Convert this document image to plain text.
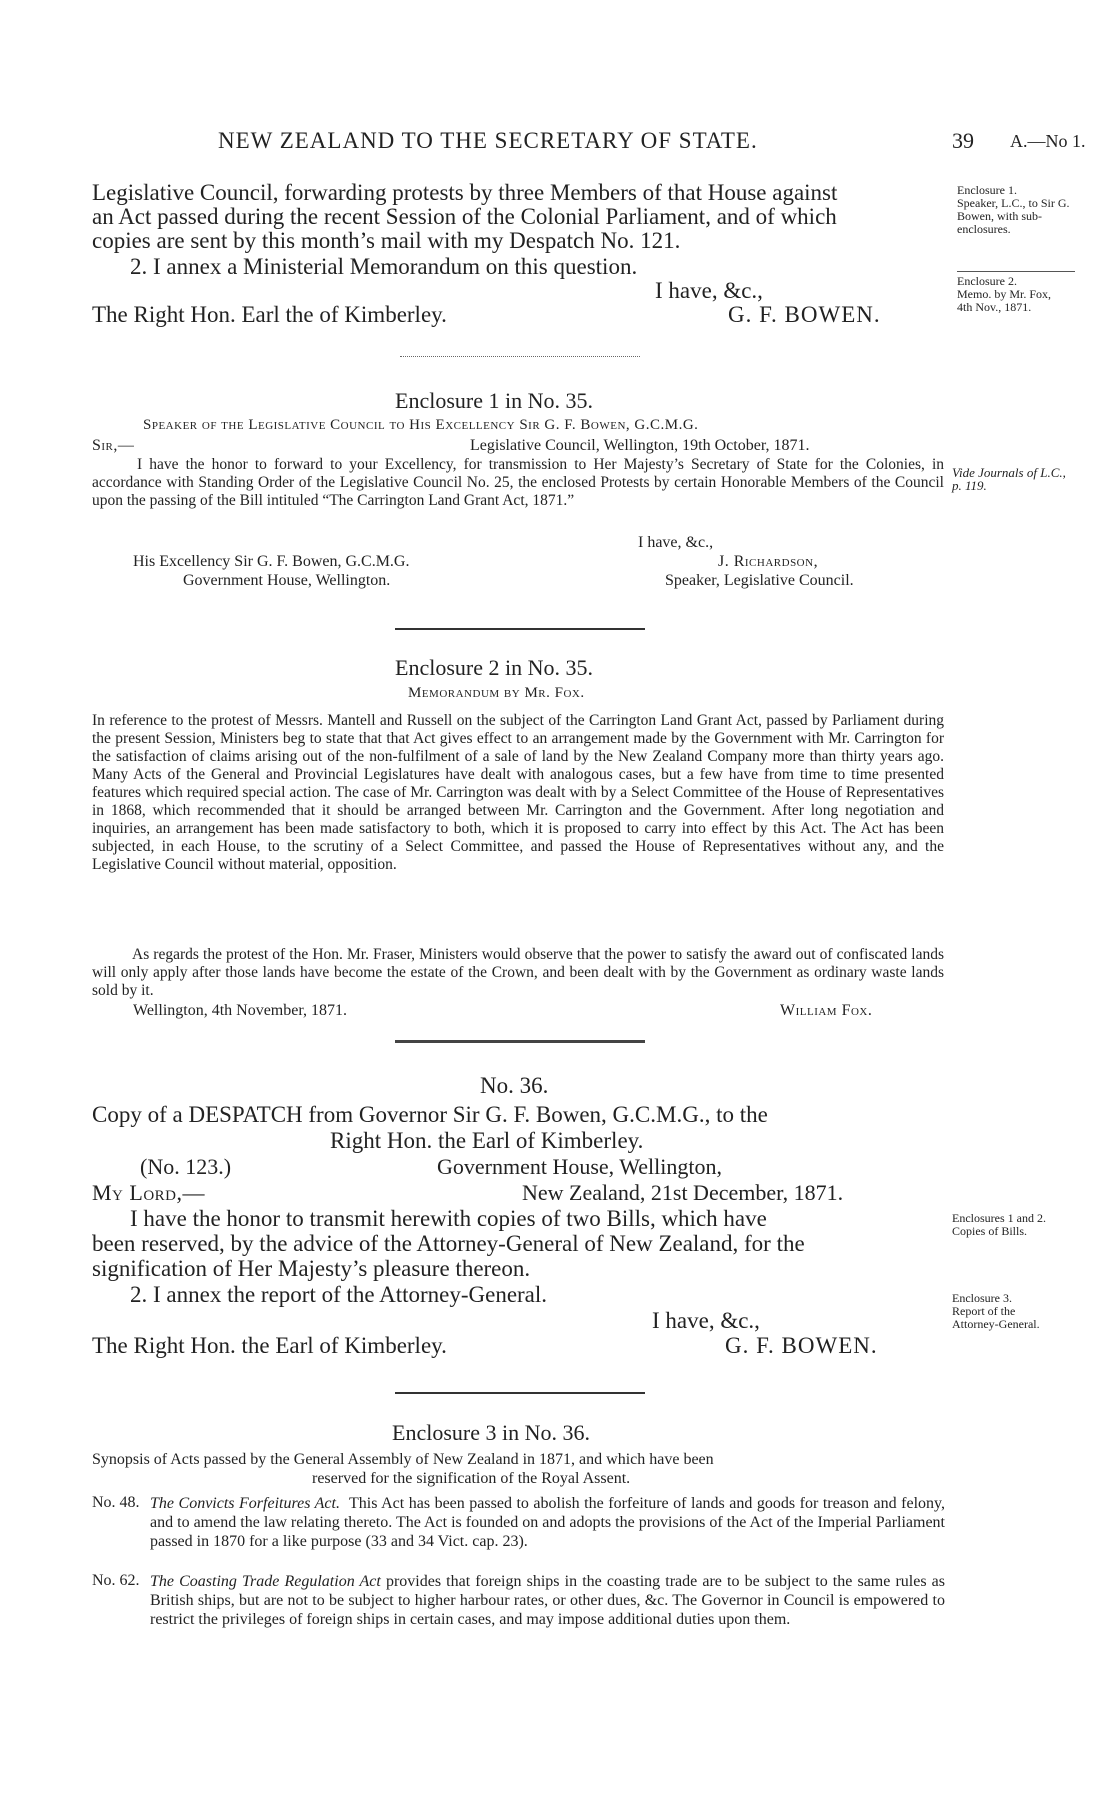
NEW ZEALAND TO THE SECRETARY OF STATE.	39 A.—No 1.
Legislative Council, forwarding protests by three Members of that House against
an Act passed during the recent Session of the Colonial Parliament, and of which
copies are sent by this month’s mail with my Despatch No. 121.
2. I annex a Ministerial Memorandum on this question.
I have, &c.,
The Right Hon. Earl the of Kimberley.	G. F. BOWEN.
Enclosure 1.
Speaker, L.C., to Sir G. Bowen, with sub-enclosures.
Enclosure 2.
Memo. by Mr. Fox, 4th Nov., 1871.
Enclosure 1 in No. 35.
Speaker of the Legislative Council to His Excellency Sir G. F. Bowen, G.C.M.G.
Sir,—	Legislative Council, Wellington, 19th October, 1871.
I have the honor to forward to your Excellency, for transmission to Her Majesty’s Secretary of State for the Colonies, in accordance with Standing Order of the Legislative Council No. 25, the enclosed Protests by certain Honorable Members of the Council upon the passing of the Bill intituled “The Carrington Land Grant Act, 1871.”
I have, &c.,
His Excellency Sir G. F. Bowen, G.C.M.G.
Government House, Wellington.
J. Richardson,
Speaker, Legislative Council.
Vide Journals of L.C., p. 119.
Enclosure 2 in No. 35.
Memorandum by Mr. Fox.
In reference to the protest of Messrs. Mantell and Russell on the subject of the Carrington Land Grant Act, passed by Parliament during the present Session, Ministers beg to state that that Act gives effect to an arrangement made by the Government with Mr. Carrington for the satisfaction of claims arising out of the non-fulfilment of a sale of land by the New Zealand Company more than thirty years ago. Many Acts of the General and Provincial Legislatures have dealt with analogous cases, but a few have from time to time presented features which required special action. The case of Mr. Carrington was dealt with by a Select Committee of the House of Representatives in 1868, which recommended that it should be arranged between Mr. Carrington and the Government. After long negotiation and inquiries, an arrangement has been made satisfactory to both, which it is proposed to carry into effect by this Act. The Act has been subjected, in each House, to the scrutiny of a Select Committee, and passed the House of Representatives without any, and the Legislative Council without material, opposition.
As regards the protest of the Hon. Mr. Fraser, Ministers would observe that the power to satisfy the award out of confiscated lands will only apply after those lands have become the estate of the Crown, and been dealt with by the Government as ordinary waste lands sold by it.
Wellington, 4th November, 1871.	William Fox.
No. 36.
Copy of a DESPATCH from Governor Sir G. F. Bowen, G.C.M.G., to the
Right Hon. the Earl of Kimberley.
(No. 123.)	Government House, Wellington,
My Lord,—	New Zealand, 21st December, 1871.
I have the honor to transmit herewith copies of two Bills, which have
been reserved, by the advice of the Attorney-General of New Zealand, for the
signification of Her Majesty’s pleasure thereon.
2. I annex the report of the Attorney-General.
I have, &c.,
The Right Hon. the Earl of Kimberley.	G. F. BOWEN.
Enclosures 1 and 2.
Copies of Bills.
Enclosure 3.
Report of the Attorney-General.
Enclosure 3 in No. 36.
Synopsis of Acts passed by the General Assembly of New Zealand in 1871, and which have been
reserved for the signification of the Royal Assent.
No. 48. The Convicts Forfeitures Act. This Act has been passed to abolish the forfeiture of lands and goods for treason and felony, and to amend the law relating thereto. The Act is founded on and adopts the provisions of the Act of the Imperial Parliament passed in 1870 for a like purpose (33 and 34 Vict. cap. 23).
No. 62. The Coasting Trade Regulation Act provides that foreign ships in the coasting trade are to be subject to the same rules as British ships, but are not to be subject to higher harbour rates, or other dues, &c. The Governor in Council is empowered to restrict the privileges of foreign ships in certain cases, and may impose additional duties upon them.
